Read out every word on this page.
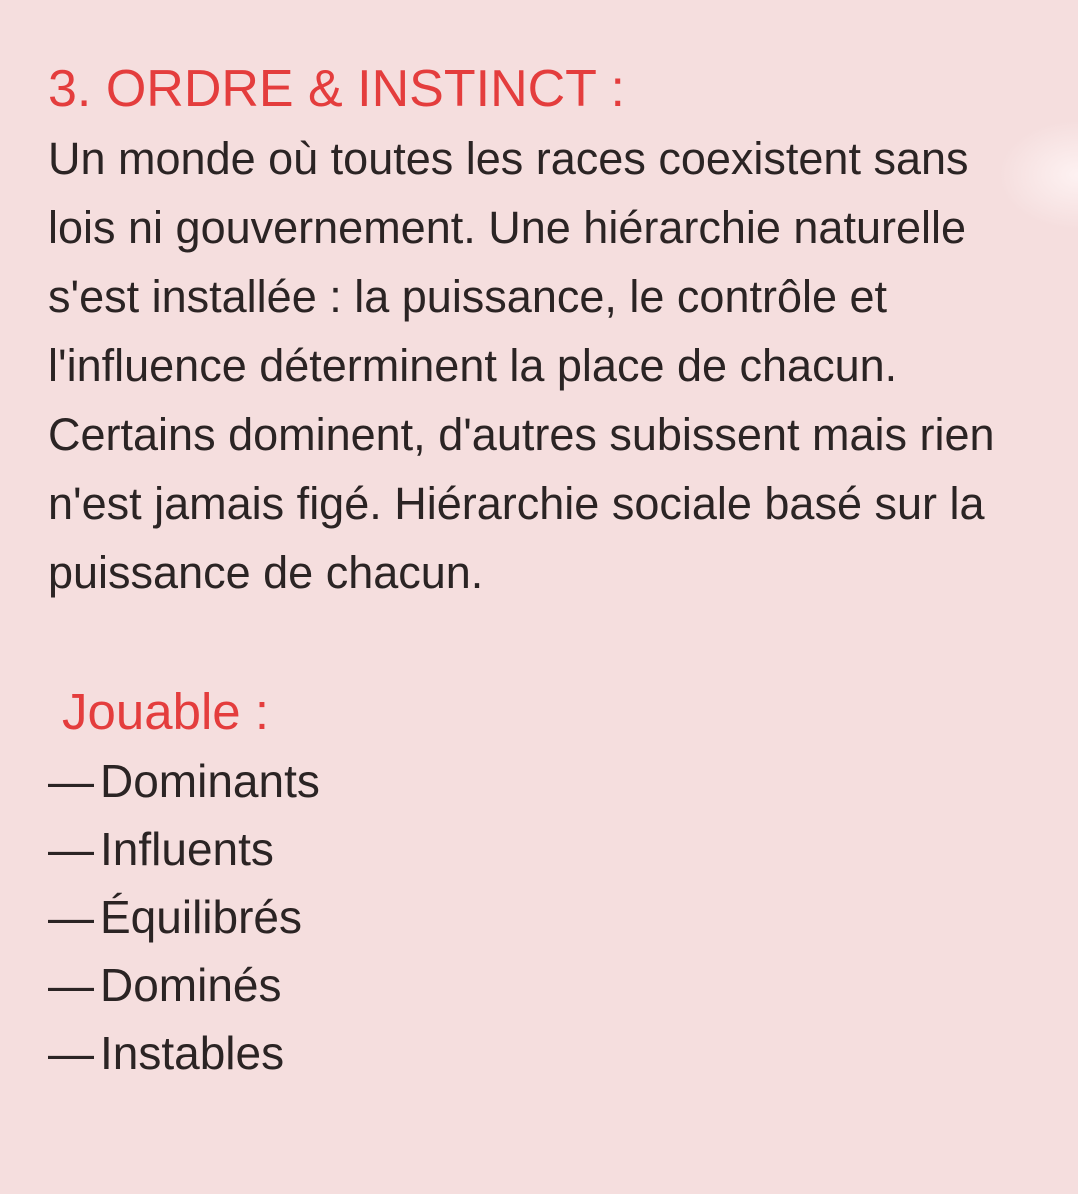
3. ORDRE & INSTINCT :

Un monde où toutes les races coexistent sans lois ni gouvernement. Une hiérarchie naturelle s'est installée : la puissance, le contrôle et l'influence déterminent la place de chacun. Certains dominent, d'autres subissent mais rien n'est jamais figé. Hiérarchie sociale basé sur la puissance de chacun.

Jouable :
— Dominants
— Influents
— Équilibrés
— Dominés
— Instables
